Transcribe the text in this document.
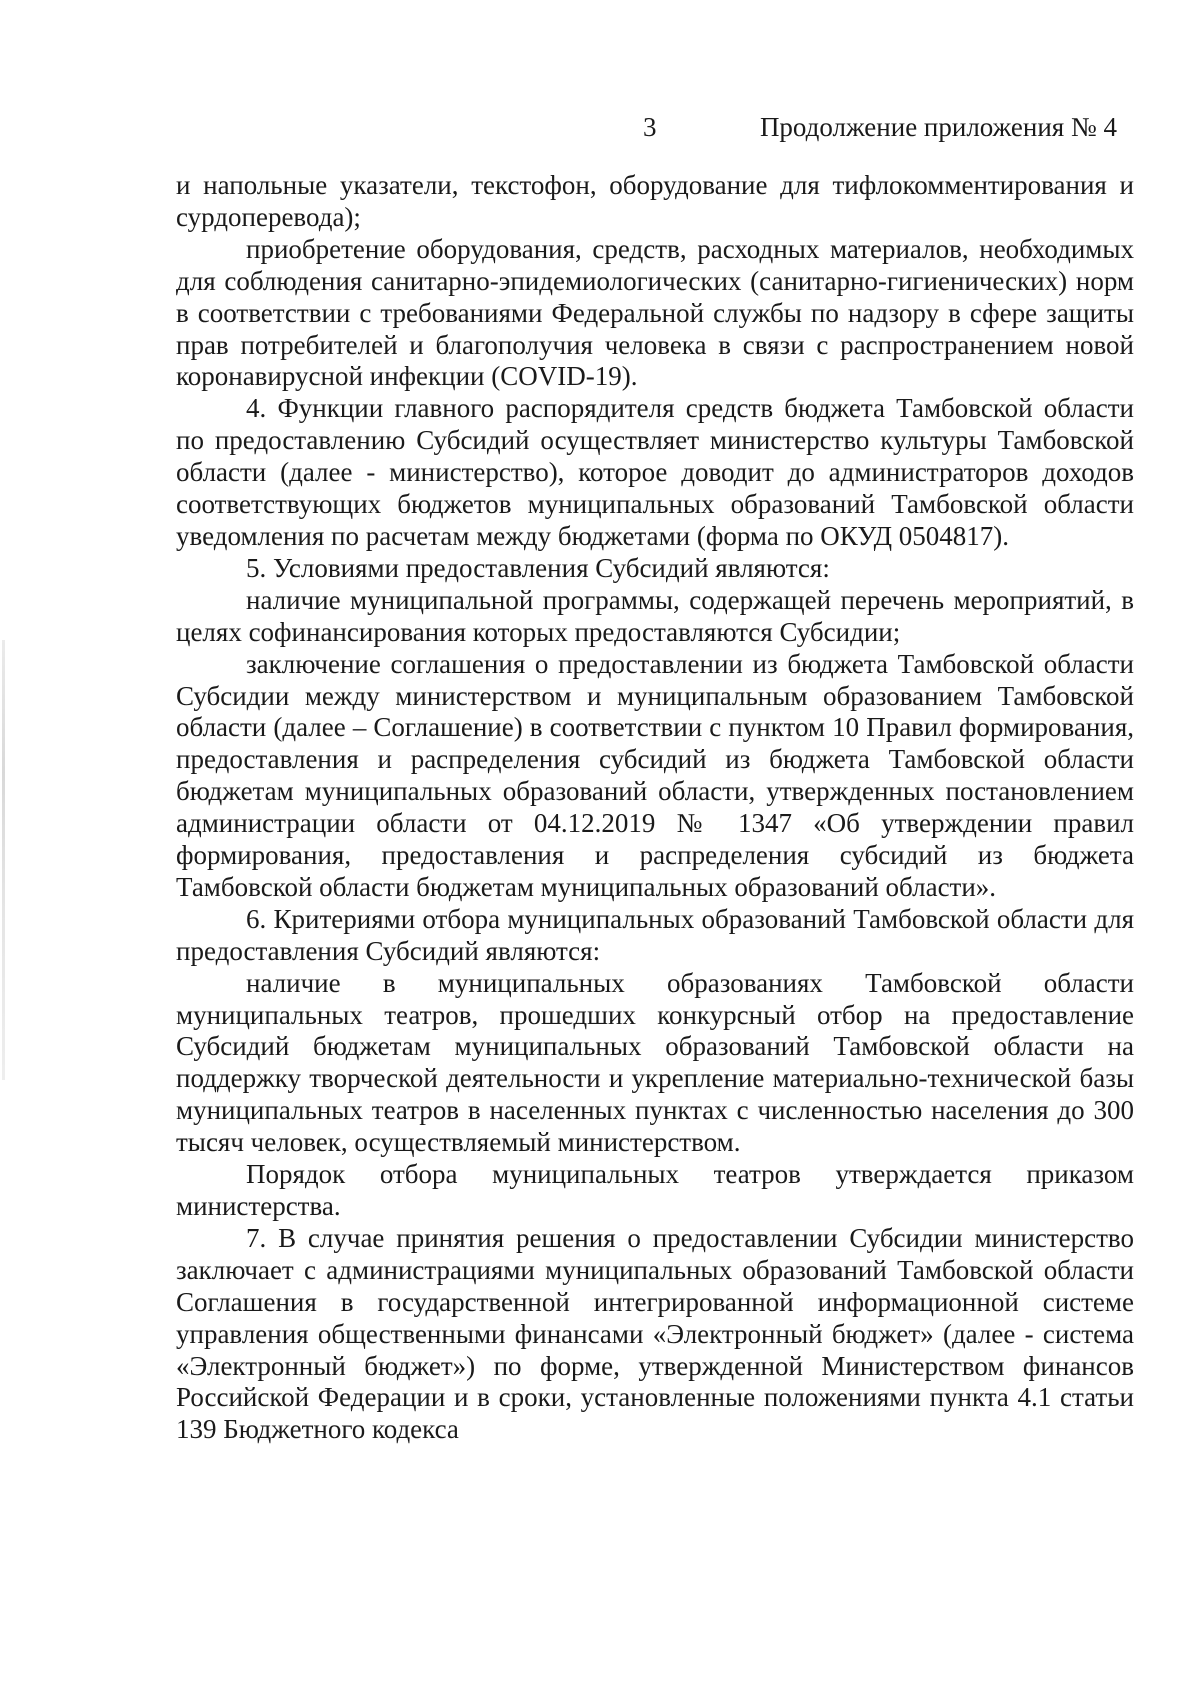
3	Продолжение приложения № 4

и напольные указатели, текстофон, оборудование для тифлокомментирования и сурдоперевода);

приобретение оборудования, средств, расходных материалов, необходимых для соблюдения санитарно-эпидемиологических (санитарно-гигиенических) норм в соответствии с требованиями Федеральной службы по надзору в сфере защиты прав потребителей и благополучия человека в связи с распространением новой коронавирусной инфекции (COVID-19).

4. Функции главного распорядителя средств бюджета Тамбовской области по предоставлению Субсидий осуществляет министерство культуры Тамбовской области (далее - министерство), которое доводит до администраторов доходов соответствующих бюджетов муниципальных образований Тамбовской области уведомления по расчетам между бюджетами (форма по ОКУД 0504817).

5. Условиями предоставления Субсидий являются:

наличие муниципальной программы, содержащей перечень мероприятий, в целях софинансирования которых предоставляются Субсидии;

заключение соглашения о предоставлении из бюджета Тамбовской области Субсидии между министерством и муниципальным образованием Тамбовской области (далее – Соглашение) в соответствии с пунктом 10 Правил формирования, предоставления и распределения субсидий из бюджета Тамбовской области бюджетам муниципальных образований области, утвержденных постановлением администрации области от 04.12.2019 № 1347 «Об утверждении правил формирования, предоставления и распределения субсидий из бюджета Тамбовской области бюджетам муниципальных образований области».

6. Критериями отбора муниципальных образований Тамбовской области для предоставления Субсидий являются:

наличие в муниципальных образованиях Тамбовской области муниципальных театров, прошедших конкурсный отбор на предоставление Субсидий бюджетам муниципальных образований Тамбовской области на поддержку творческой деятельности и укрепление материально-технической базы муниципальных театров в населенных пунктах с численностью населения до 300 тысяч человек, осуществляемый министерством.

Порядок отбора муниципальных театров утверждается приказом министерства.

7. В случае принятия решения о предоставлении Субсидии министерство заключает с администрациями муниципальных образований Тамбовской области Соглашения в государственной интегрированной информационной системе управления общественными финансами «Электронный бюджет» (далее - система «Электронный бюджет») по форме, утвержденной Министерством финансов Российской Федерации и в сроки, установленные положениями пункта 4.1 статьи 139 Бюджетного кодекса
